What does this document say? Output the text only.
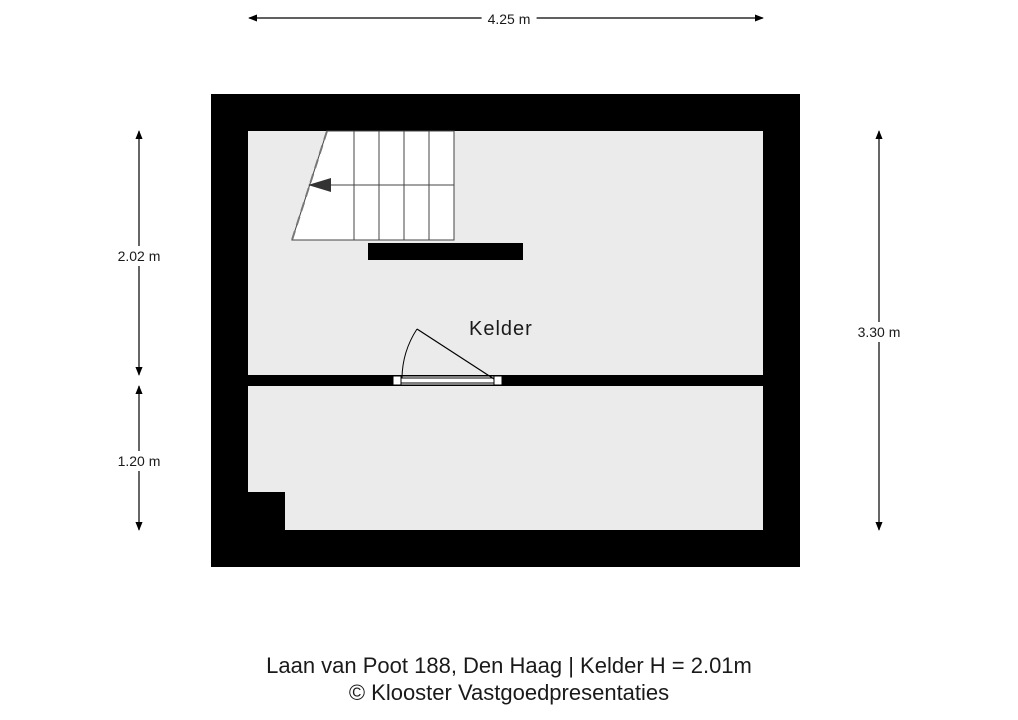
4.25 m
2.02 m
1.20 m
3.30 m
Kelder
Laan van Poot 188, Den Haag | Kelder H = 2.01m
© Klooster Vastgoedpresentaties
